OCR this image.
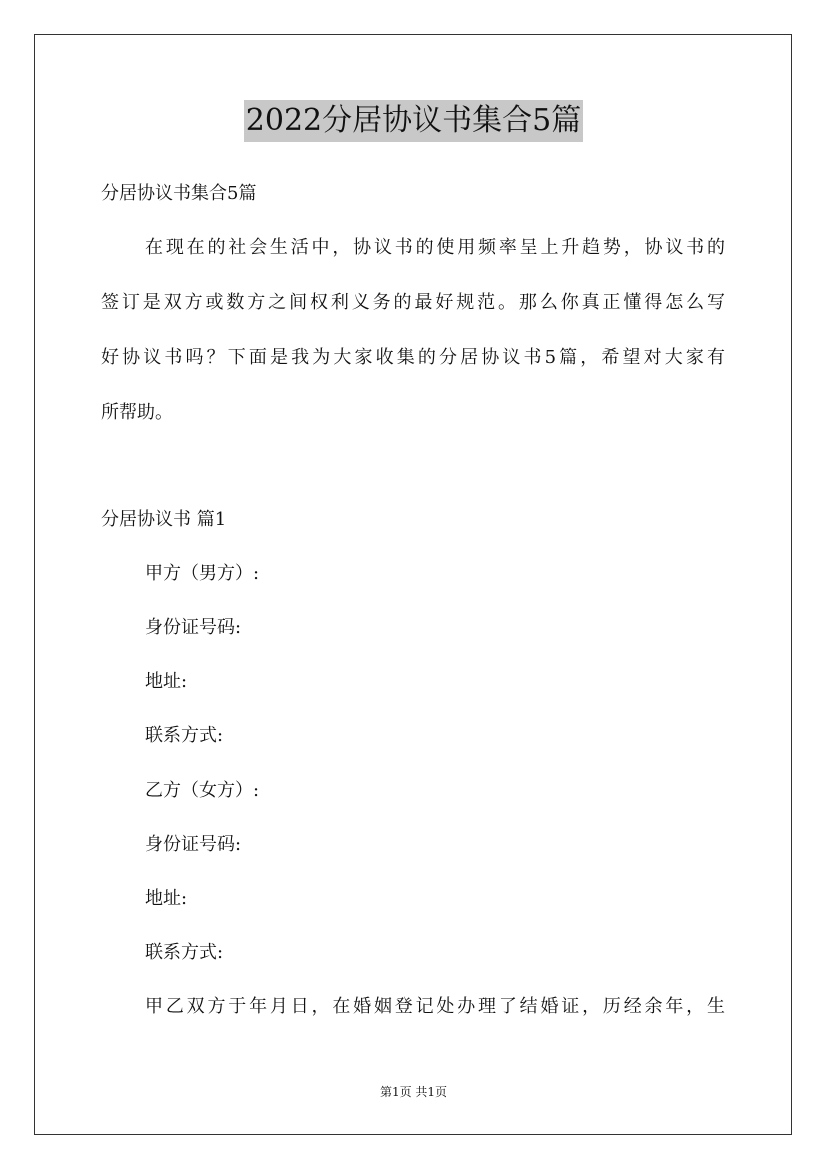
2022分居协议书集合5篇
分居协议书集合5篇
在现在的社会生活中，协议书的使用频率呈上升趋势，协议书的
签订是双方或数方之间权利义务的最好规范。那么你真正懂得怎么写
好协议书吗？下面是我为大家收集的分居协议书5篇，希望对大家有
所帮助。
分居协议书 篇1
甲方（男方）:
身份证号码:
地址:
联系方式:
乙方（女方）:
身份证号码:
地址:
联系方式:
甲乙双方于年月日，在婚姻登记处办理了结婚证，历经余年，生
第1页 共1页
